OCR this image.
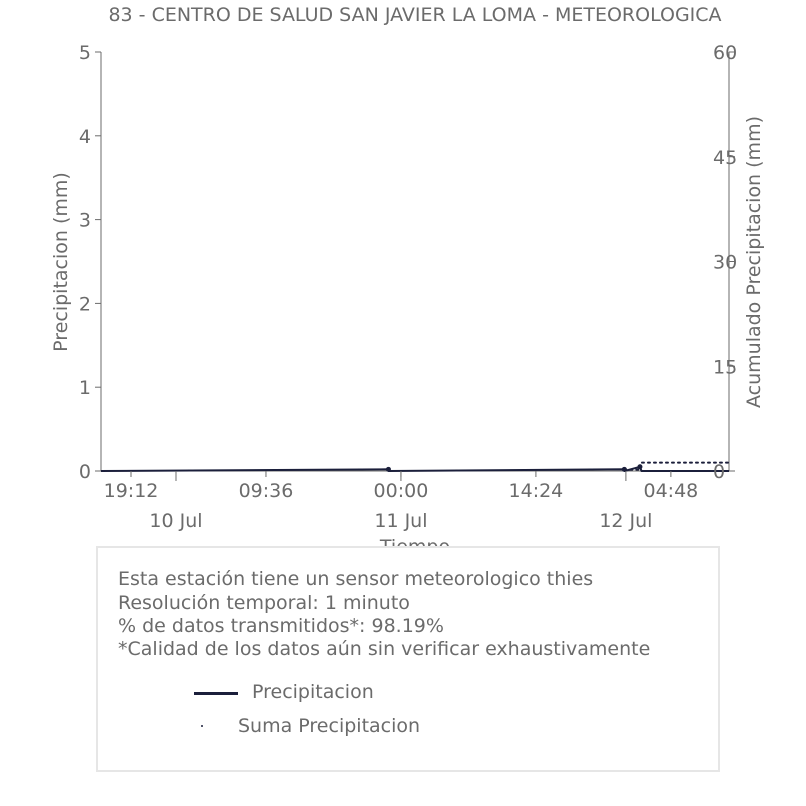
83 - CENTRO DE SALUD SAN JAVIER LA LOMA - METEOROLOGICA
0
1
2
3
4
5
0
15
30
45
60
19:12
10 Jul
09:36	00:00
11 Jul
14:24
12 Jul
04:48
Precipitacion (mm)	Acumulado Precipitacion (mm)
Esta estación tiene un sensor meteorologico thies
Resolución temporal: 1 minuto
% de datos transmitidos*: 98.19%
*Calidad de los datos aún sin verificar exhaustivamente
Precipitacion
Suma Precipitacion
